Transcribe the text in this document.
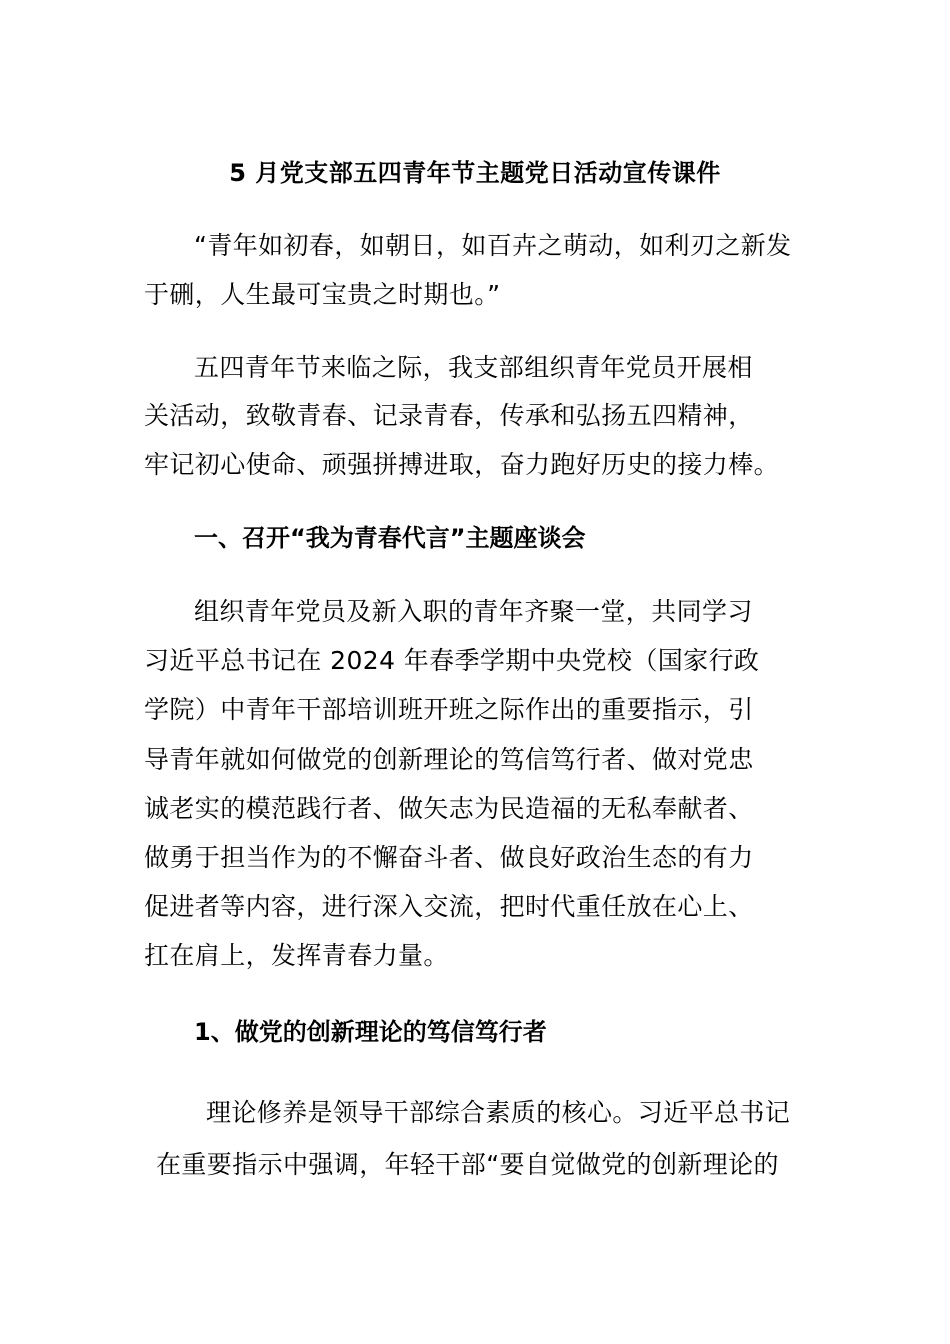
5 月党支部五四青年节主题党日活动宣传课件
“青年如初春，如朝日，如百卉之萌动，如利刃之新发
于硎，人生最可宝贵之时期也。”
五四青年节来临之际，我支部组织青年党员开展相
关活动，致敬青春、记录青春，传承和弘扬五四精神，
牢记初心使命、顽强拼搏进取，奋力跑好历史的接力棒。
一、召开“我为青春代言”主题座谈会
组织青年党员及新入职的青年齐聚一堂，共同学习
习近平总书记在 2024 年春季学期中央党校（国家行政
学院）中青年干部培训班开班之际作出的重要指示，引
导青年就如何做党的创新理论的笃信笃行者、做对党忠
诚老实的模范践行者、做矢志为民造福的无私奉献者、
做勇于担当作为的不懈奋斗者、做良好政治生态的有力
促进者等内容，进行深入交流，把时代重任放在心上、
扛在肩上，发挥青春力量。
1、做党的创新理论的笃信笃行者
理论修养是领导干部综合素质的核心。习近平总书记
在重要指示中强调，年轻干部“要自觉做党的创新理论的
